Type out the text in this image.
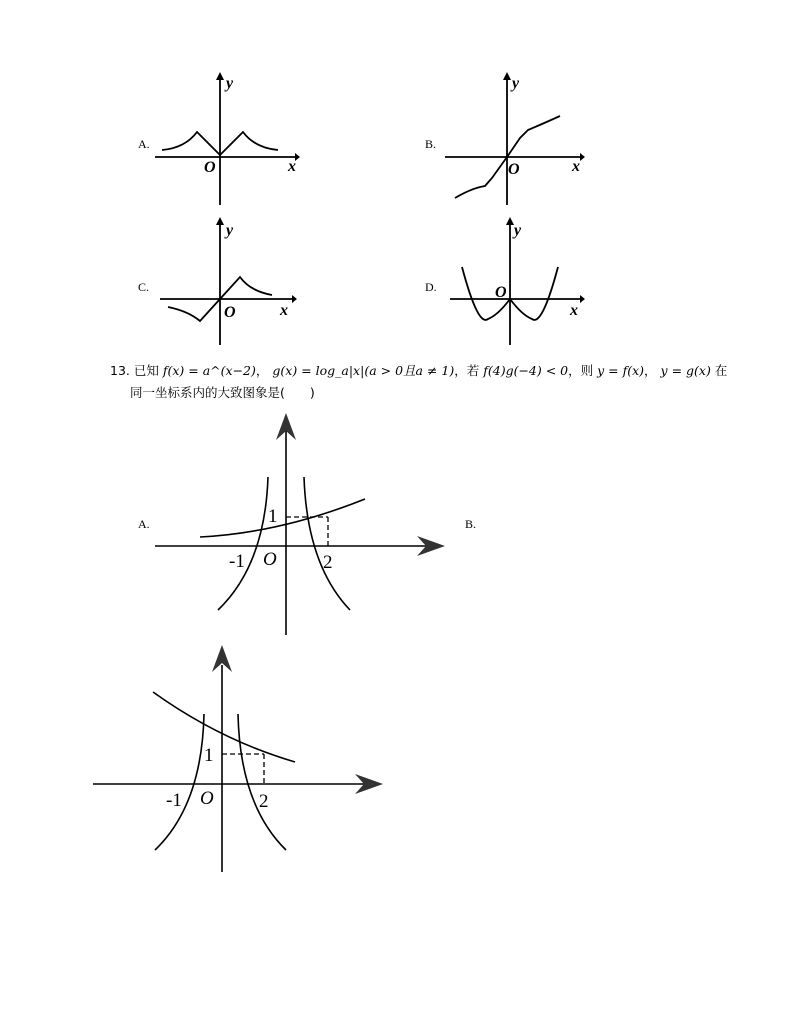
A.	B.
C.	D.
x
y
O	x
y
O
x
y
O	x
y
O
13. 已知 f(x) = a^(x−2)， g(x) = log_a|x|(a > 0且a ≠ 1)，若 f(4)g(−4) < 0，则 y = f(x)， y = g(x) 在
同一坐标系内的大致图象是(　　)
A.	B.
1
-1 O 2
1
-1 O 2
